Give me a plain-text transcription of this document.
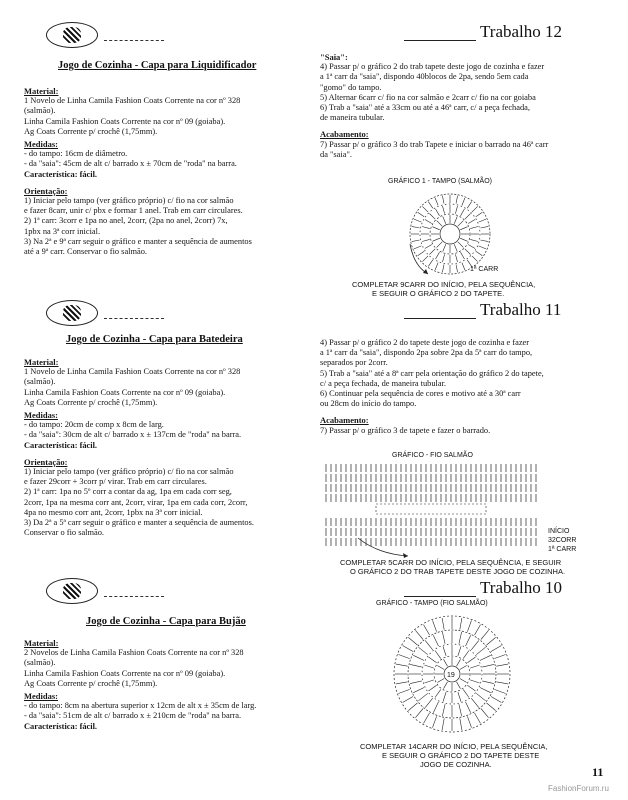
Trabalho 12
Jogo de Cozinha - Capa para Liquidificador
Material:

1 Novelo de Linha Camila Fashion Coats Corrente na cor nº 328

(salmão).

Linha Camila Fashion Coats Corrente na cor nº 09 (goiaba).

Ag Coats Corrente p/ crochê (1,75mm).

Medidas:

- do tampo: 16cm de diâmetro.

- da "saia": 45cm de alt c/ barrado x ± 70cm de "roda" na barra.

Característica: fácil.

Orientação:

1) Iniciar pelo tampo (ver gráfico próprio) c/ fio na cor salmão

e fazer 8carr, unir c/ pbx e formar 1 anel. Trab em carr circulares.

2) 1ª carr: 3corr e 1pa no anel, 2corr, (2pa no anel, 2corr) 7x,

1pbx na 3ª corr inicial.

3) Na 2ª e 9ª carr seguir o gráfico e manter a sequência de aumentos

até a 9ª carr. Conservar o fio salmão.

"Saia":

4) Passar p/ o gráfico 2 do trab tapete deste jogo de cozinha e fazer

a 1ª carr da "saia", dispondo 40blocos de 2pa, sendo 5em cada

"gomo" do tampo.

5) Alternar 6carr c/ fio na cor salmão e 2carr c/ fio na cor goiaba

6) Trab a "saia" até a 33cm ou até a 46ª carr, c/ a peça fechada,

de maneira tubular.

Acabamento:

7) Passar p/ o gráfico 3 do trab Tapete e iniciar o barrado na 46ª carr

da "saia".

GRÁFICO 1 - TAMPO (SALMÃO)
1ª CARR
COMPLETAR 9CARR DO INÍCIO, PELA SEQUÊNCIA,
E SEGUIR O GRÁFICO 2 DO TAPETE.
Trabalho 11
Jogo de Cozinha - Capa para Batedeira
Material:

1 Novelo de Linha Camila Fashion Coats Corrente na cor nº 328

(salmão).

Linha Camila Fashion Coats Corrente na cor nº 09 (goiaba).

Ag Coats Corrente p/ crochê (1,75mm).

Medidas:

- do tampo: 20cm de comp x 8cm de larg.

- da "saia": 30cm de alt c/ barrado x ± 137cm de "roda" na barra.

Característica: fácil.

Orientação:

1) Iniciar pelo tampo (ver gráfico próprio) c/ fio na cor salmão

e fazer 29corr + 3corr p/ virar. Trab em carr circulares.

2) 1ª carr: 1pa no 5º corr a contar da ag, 1pa em cada corr seg,

2corr, 1pa na mesma corr ant, 2corr, virar, 1pa em cada corr, 2corr,

4pa no mesmo corr ant, 2corr, 1pbx na 3ª corr inicial.

3) Da 2ª a 5ª carr seguir o gráfico e manter a sequência de aumentos.

Conservar o fio salmão.

4) Passar p/ o gráfico 2 do tapete deste jogo de cozinha e fazer

a 1ª carr da "saia", dispondo 2pa sobre 2pa da 5ª carr do tampo,

separados por 2corr.

5) Trab a "saia" até a 8ª carr pela orientação do gráfico 2 do tapete,

c/ a peça fechada, de maneira tubular.

6) Continuar pela sequência de cores e motivo até a 30ª carr

ou 28cm do início do tampo.

Acabamento:

7) Passar p/ o gráfico 3 de tapete e fazer o barrado.

GRÁFICO - FIO SALMÃO
INÍCIO
32CORR
1ª CARR
COMPLETAR 5CARR DO INÍCIO, PELA SEQUÊNCIA, E SEGUIR
O GRÁFICO 2 DO TRAB TAPETE DESTE JOGO DE COZINHA.
Trabalho 10
Jogo de Cozinha - Capa para Bujão
Material:

2 Novelos de Linha Camila Fashion Coats Corrente na cor nº 328

(salmão).

Linha Camila Fashion Coats Corrente na cor nº 09 (goiaba).

Ag Coats Corrente p/ crochê (1,75mm).

Medidas:

- do tampo: 8cm na abertura superior x 12cm de alt x ± 35cm de larg.

- da "saia": 51cm de alt c/ barrado x ± 210cm de "roda" na barra.

Característica: fácil.

GRÁFICO - TAMPO (FIO SALMÃO)
19
COMPLETAR 14CARR DO INÍCIO, PELA SEQUÊNCIA,
E SEGUIR O GRÁFICO 2 DO TAPETE DESTE
JOGO DE COZINHA.
11
FashionForum.ru
